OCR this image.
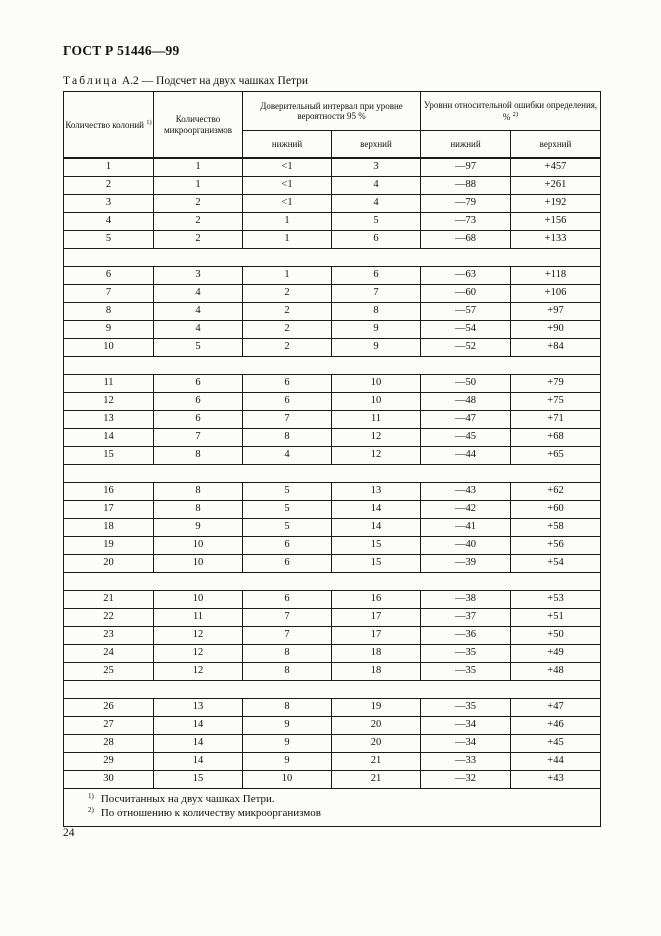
ГОСТ Р 51446—99
Таблица А.2 — Подсчет на двух чашках Петри
Количество колоний $^{1)}$	Количество микроорганизмов	Доверительный интервал при уровне вероятности 95 %		Уровни относительной ошибки определения, % $^{2)}$
		нижний	верхний	нижний	верхний
1	1	<1	3	—97	+457
2	1	<1	4	—88	+261
3	2	<1	4	—79	+192
4	2	1	5	—73	+156
5	2	1	6	—68	+133

6	3	1	6	—63	+118
7	4	2	7	—60	+106
8	4	2	8	—57	+97
9	4	2	9	—54	+90
10	5	2	9	—52	+84

11	6	6	10	—50	+79
12	6	6	10	—48	+75
13	6	7	11	—47	+71
14	7	8	12	—45	+68
15	8	4	12	—44	+65

16	8	5	13	—43	+62
17	8	5	14	—42	+60
18	9	5	14	—41	+58
19	10	6	15	—40	+56
20	10	6	15	—39	+54

21	10	6	16	—38	+53
22	11	7	17	—37	+51
23	12	7	17	—36	+50
24	12	8	18	—35	+49
25	12	8	18	—35	+48

26	13	8	19	—35	+47
27	14	9	20	—34	+46
28	14	9	20	—34	+45
29	14	9	21	—33	+44
30	15	10	21	—32	+43

$^{1)}$ Посчитанных на двух чашках Петри.
$^{2)}$ По отношению к количеству микроорганизмов					
24
